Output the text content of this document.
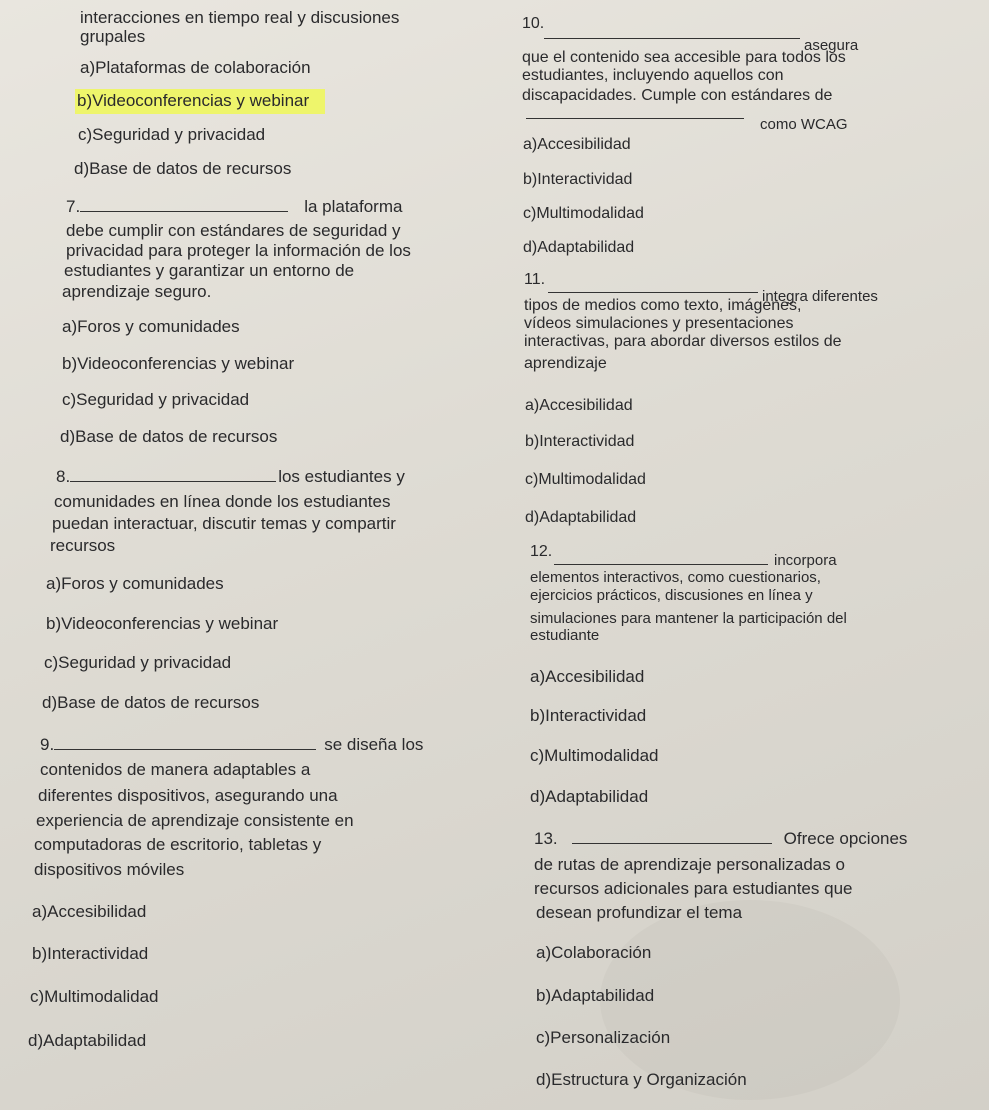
interacciones en tiempo real y discusiones
grupales
a)Plataformas de colaboración
b)Videoconferencias y webinar
c)Seguridad y privacidad
d)Base de datos de recursos
7.	la plataforma
debe cumplir con estándares de seguridad y
privacidad para proteger la información de los
estudiantes y garantizar un entorno de
aprendizaje seguro.
a)Foros y comunidades
b)Videoconferencias y webinar
c)Seguridad y privacidad
d)Base de datos de recursos
8.	los estudiantes y
comunidades en línea donde los estudiantes
puedan interactuar, discutir temas y compartir
recursos
a)Foros y comunidades
b)Videoconferencias y webinar
c)Seguridad y privacidad
d)Base de datos de recursos
9.	se diseña los
contenidos de manera adaptables a
diferentes dispositivos, asegurando una
experiencia de aprendizaje consistente en
computadoras de escritorio, tabletas y
dispositivos móviles
a)Accesibilidad
b)Interactividad
c)Multimodalidad
d)Adaptabilidad
10.
asegura
que el contenido sea accesible para todos los
estudiantes, incluyendo aquellos con
discapacidades. Cumple con estándares de
como WCAG
a)Accesibilidad
b)Interactividad
c)Multimodalidad
d)Adaptabilidad
11.
integra diferentes
tipos de medios como texto, imágenes,
vídeos simulaciones y presentaciones
interactivas, para abordar diversos estilos de
aprendizaje
a)Accesibilidad
b)Interactividad
c)Multimodalidad
d)Adaptabilidad
12.
incorpora
elementos interactivos, como cuestionarios,
ejercicios prácticos, discusiones en línea y
simulaciones para mantener la participación del
estudiante
a)Accesibilidad
b)Interactividad
c)Multimodalidad
d)Adaptabilidad
13.	Ofrece opciones
de rutas de aprendizaje personalizadas o
recursos adicionales para estudiantes que
desean profundizar el tema
a)Colaboración
b)Adaptabilidad
c)Personalización
d)Estructura y Organización
